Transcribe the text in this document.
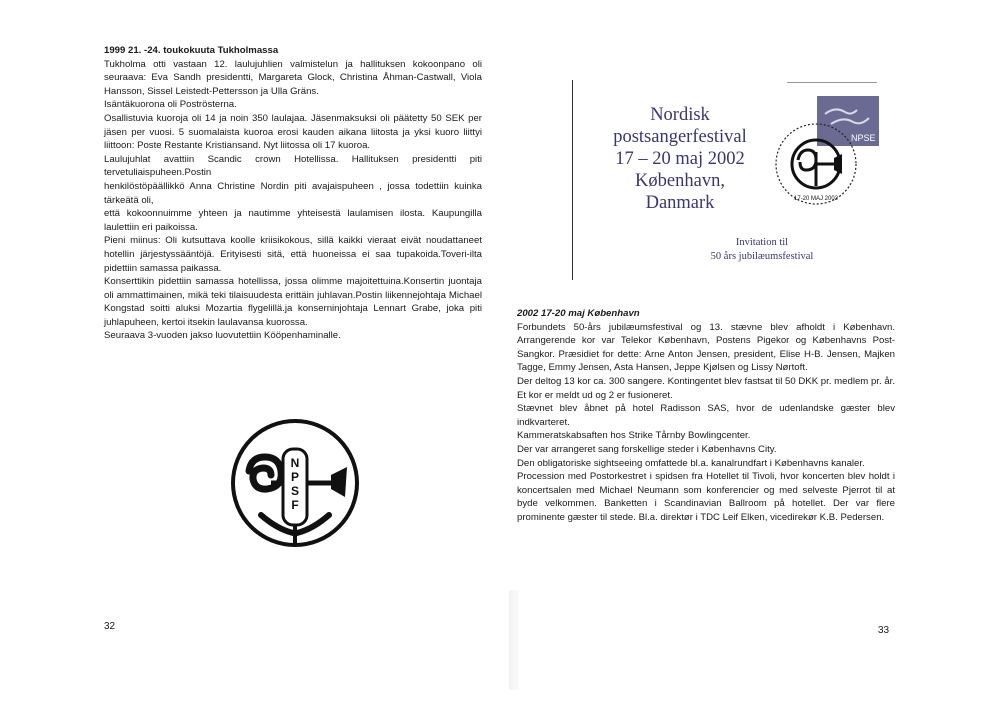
1999 21. -24. toukokuuta Tukholmassa

Tukholma otti vastaan 12. laulujuhlien valmistelun ja hallituksen kokoonpano oli seuraava: Eva Sandh presidentti, Margareta Glock, Christina Åhman-Castwall, Viola Hansson, Sissel Leistedt-Pettersson ja Ulla Gräns.

Isäntäkuorona oli Poströsterna.

Osallistuvia kuoroja oli 14 ja noin 350 laulajaa. Jäsenmaksuksi oli päätetty 50 SEK per jäsen per vuosi. 5 suomalaista kuoroa erosi kauden aikana liitosta ja yksi kuoro liittyi liittoon: Poste Restante Kristiansand. Nyt liitossa oli 17 kuoroa.

Laulujuhlat avattiin Scandic crown Hotellissa. Hallituksen presidentti piti tervetuliaispuheen.Postin

henkilöstöpäällikkö Anna Christine Nordin piti avajaispuheen , jossa todettiin kuinka tärkeätä oli,

että kokoonnuimme yhteen ja nautimme yhteisestä laulamisen ilosta. Kaupungilla laulettiin eri paikoissa.

Pieni miinus: Oli kutsuttava koolle kriisikokous, sillä kaikki vieraat eivät noudattaneet hotellin järjestyssääntöjä. Erityisesti sitä, että huoneissa ei saa tupakoida.Toveri-ilta pidettiin samassa paikassa.

Konserttikin pidettiin samassa hotellissa, jossa olimme majoitettuina.Konsertin juontaja oli ammattimainen, mikä teki tilaisuudesta erittäin juhlavan.Postin liikennejohtaja Michael Kongstad soitti aluksi Mozartia flygelillä.ja konserninjohtaja Lennart Grabe, joka piti juhlapuheen, kertoi itsekin laulavansa kuorossa.

Seuraava 3-vuoden jakso luovutettiin Kööpenhaminalle.

N
P
S
F
32
Nordisk
postsangerfestival
17 – 20 maj 2002
København,
Danmark
NPSE
17-20 MAJ 2002
Invitation til
50 års jubilæumsfestival

2002 17-20 maj København

Forbundets 50-års jubilæumsfestival og 13. stævne blev afholdt i København. Arrangerende kor var Telekor København, Postens Pigekor og Københavns Post-Sangkor. Præsidiet for dette: Arne Anton Jensen, president, Elise H-B. Jensen, Majken Tagge, Emmy Jensen, Asta Hansen, Jeppe Kjølsen og Lissy Nørtoft.

Der deltog 13 kor ca. 300 sangere. Kontingentet blev fastsat til 50 DKK pr. medlem pr. år. Et kor er meldt ud og 2 er fusioneret.

Stævnet blev åbnet på hotel Radisson SAS, hvor de udenlandske gæster blev indkvarteret.

Kammeratskabsaften hos Strike Tårnby Bowlingcenter.

Der var arrangeret sang forskellige steder i Københavns City.

Den obligatoriske sightseeing omfattede bl.a. kanalrundfart i Københavns kanaler.

Procession med Postorkestret i spidsen fra Hotellet til Tivoli, hvor koncerten blev holdt i koncertsalen med Michael Neumann som konferencier og med selveste Pjerrot til at byde velkommen. Banketten i Scandinavian Ballroom på hotellet. Der var flere prominente gæster til stede. Bl.a. direktør i TDC Leif Elken, vicedirekør K.B. Pedersen.

33
